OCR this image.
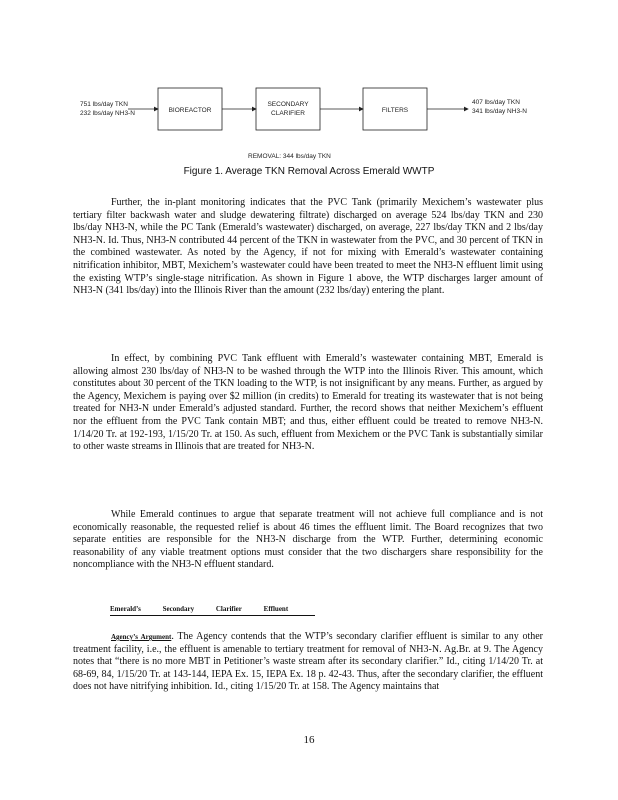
751 lbs/day TKN
232 lbs/day NH3-N	BIOREACTOR
SECONDARY
CLARIFIER	FILTERS
407 lbs/day TKN
341 lbs/day NH3-N
REMOVAL: 344 lbs/day TKN
Figure 1. Average TKN Removal Across Emerald WWTP

Further, the in-plant monitoring indicates that the PVC Tank (primarily Mexichem’s wastewater plus tertiary filter backwash water and sludge dewatering filtrate) discharged on average 524 lbs/day TKN and 230 lbs/day NH3-N, while the PC Tank (Emerald’s wastewater) discharged, on average, 227 lbs/day TKN and 2 lbs/day NH3-N. Id. Thus, NH3-N contributed 44 percent of the TKN in wastewater from the PVC, and 30 percent of TKN in the combined wastewater. As noted by the Agency, if not for mixing with Emerald’s wastewater containing nitrification inhibitor, MBT, Mexichem’s wastewater could have been treated to meet the NH3-N effluent limit using the existing WTP’s single-stage nitrification. As shown in Figure 1 above, the WTP discharges larger amount of NH3-N (341 lbs/day) into the Illinois River than the amount (232 lbs/day) entering the plant.

In effect, by combining PVC Tank effluent with Emerald’s wastewater containing MBT, Emerald is allowing almost 230 lbs/day of NH3-N to be washed through the WTP into the Illinois River. This amount, which constitutes about 30 percent of the TKN loading to the WTP, is not insignificant by any means. Further, as argued by the Agency, Mexichem is paying over $2 million (in credits) to Emerald for treating its wastewater that is not being treated for NH3-N under Emerald’s adjusted standard. Further, the record shows that neither Mexichem’s effluent nor the effluent from the PVC Tank contain MBT; and thus, either effluent could be treated to remove NH3-N. 1/14/20 Tr. at 192-193, 1/15/20 Tr. at 150. As such, effluent from Mexichem or the PVC Tank is substantially similar to other waste streams in Illinois that are treated for NH3-N.

While Emerald continues to argue that separate treatment will not achieve full compliance and is not economically reasonable, the requested relief is about 46 times the effluent limit. The Board recognizes that two separate entities are responsible for the NH3-N discharge from the WTP. Further, determining economic reasonability of any viable treatment options must consider that the two dischargers share responsibility for the noncompliance with the NH3-N effluent standard.

Emerald’s	Secondary	Clarifier	Effluent

Agency’s Argument. The Agency contends that the WTP’s secondary clarifier effluent is similar to any other treatment facility, i.e., the effluent is amenable to tertiary treatment for removal of NH3-N. Ag.Br. at 9. The Agency notes that “there is no more MBT in Petitioner’s waste stream after its secondary clarifier.” Id., citing 1/14/20 Tr. at 68-69, 84, 1/15/20 Tr. at 143-144, IEPA Ex. 15, IEPA Ex. 18 p. 42-43. Thus, after the secondary clarifier, the effluent does not have nitrifying inhibition. Id., citing 1/15/20 Tr. at 158. The Agency maintains that

16
